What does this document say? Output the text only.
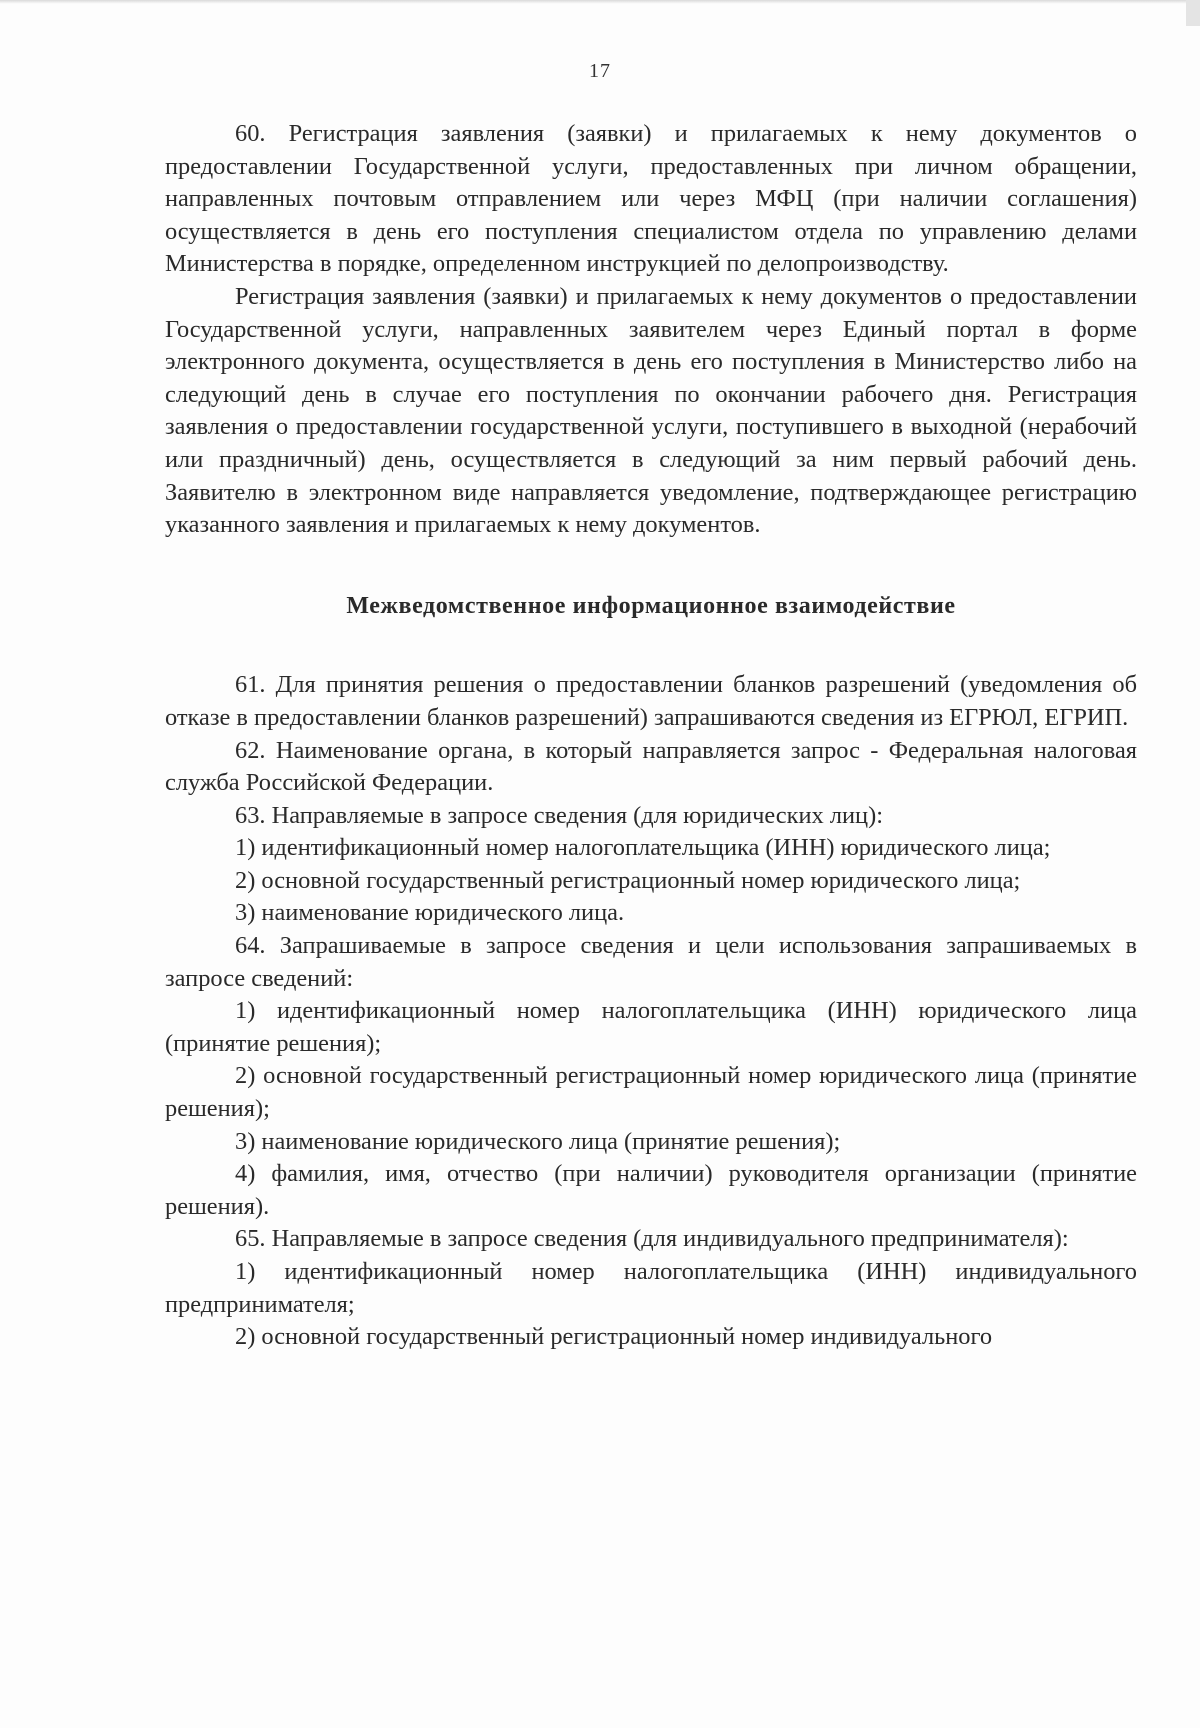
17

60. Регистрация заявления (заявки) и прилагаемых к нему документов о предоставлении Государственной услуги, предоставленных при личном обращении, направленных почтовым отправлением или через МФЦ (при наличии соглашения) осуществляется в день его поступления специалистом отдела по управлению делами Министерства в порядке, определенном инструкцией по делопроизводству.

Регистрация заявления (заявки) и прилагаемых к нему документов о предоставлении Государственной услуги, направленных заявителем через Единый портал в форме электронного документа, осуществляется в день его поступления в Министерство либо на следующий день в случае его поступления по окончании рабочего дня. Регистрация заявления о предоставлении государственной услуги, поступившего в выходной (нерабочий или праздничный) день, осуществляется в следующий за ним первый рабочий день. Заявителю в электронном виде направляется уведомление, подтверждающее регистрацию указанного заявления и прилагаемых к нему документов.

Межведомственное информационное взаимодействие

61. Для принятия решения о предоставлении бланков разрешений (уведомления об отказе в предоставлении бланков разрешений) запрашиваются сведения из ЕГРЮЛ, ЕГРИП.

62. Наименование органа, в который направляется запрос - Федеральная налоговая служба Российской Федерации.

63. Направляемые в запросе сведения (для юридических лиц):

1) идентификационный номер налогоплательщика (ИНН) юридического лица;

2) основной государственный регистрационный номер юридического лица;

3) наименование юридического лица.

64. Запрашиваемые в запросе сведения и цели использования запрашиваемых в запросе сведений:

1) идентификационный номер налогоплательщика (ИНН) юридического лица (принятие решения);

2) основной государственный регистрационный номер юридического лица (принятие решения);

3) наименование юридического лица (принятие решения);

4) фамилия, имя, отчество (при наличии) руководителя организации (принятие решения).

65. Направляемые в запросе сведения (для индивидуального предпринимателя):

1) идентификационный номер налогоплательщика (ИНН) индивидуального предпринимателя;

2) основной государственный регистрационный номер индивидуального
